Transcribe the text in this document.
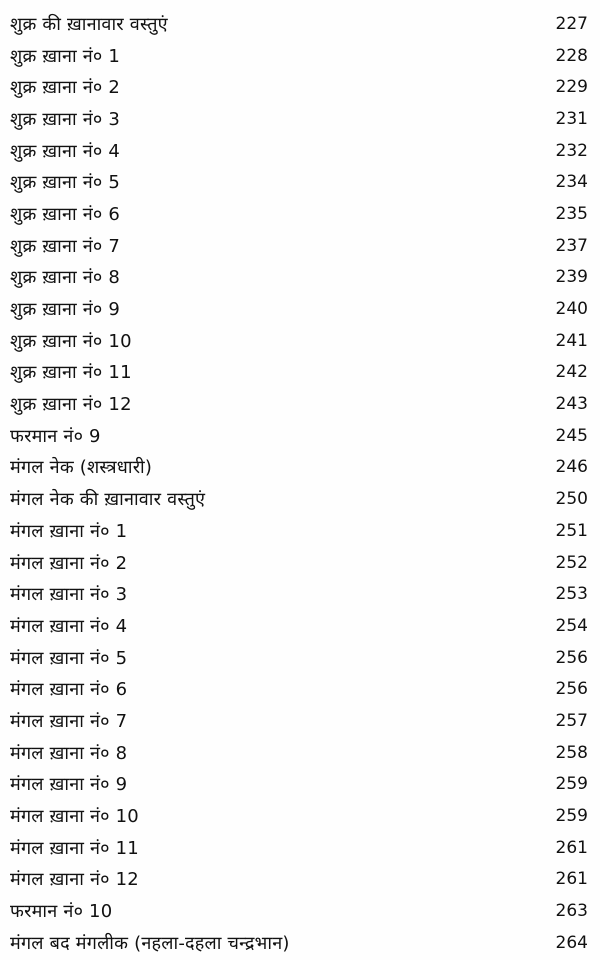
शुक्र की ख़ानावार वस्तुएं	227
शुक्र ख़ाना नं० 1	228
शुक्र ख़ाना नं० 2	229
शुक्र ख़ाना नं० 3	231
शुक्र ख़ाना नं० 4	232
शुक्र ख़ाना नं० 5	234
शुक्र ख़ाना नं० 6	235
शुक्र ख़ाना नं० 7	237
शुक्र ख़ाना नं० 8	239
शुक्र ख़ाना नं० 9	240
शुक्र ख़ाना नं० 10	241
शुक्र ख़ाना नं० 11	242
शुक्र ख़ाना नं० 12	243
फरमान नं० 9	245
मंगल नेक (शस्त्रधारी)	246
मंगल नेक की ख़ानावार वस्तुएं	250
मंगल ख़ाना नं० 1	251
मंगल ख़ाना नं० 2	252
मंगल ख़ाना नं० 3	253
मंगल ख़ाना नं० 4	254
मंगल ख़ाना नं० 5	256
मंगल ख़ाना नं० 6	256
मंगल ख़ाना नं० 7	257
मंगल ख़ाना नं० 8	258
मंगल ख़ाना नं० 9	259
मंगल ख़ाना नं० 10	259
मंगल ख़ाना नं० 11	261
मंगल ख़ाना नं० 12	261
फरमान नं० 10	263
मंगल बद मंगलीक (नहला-दहला चन्द्रभान)	264
